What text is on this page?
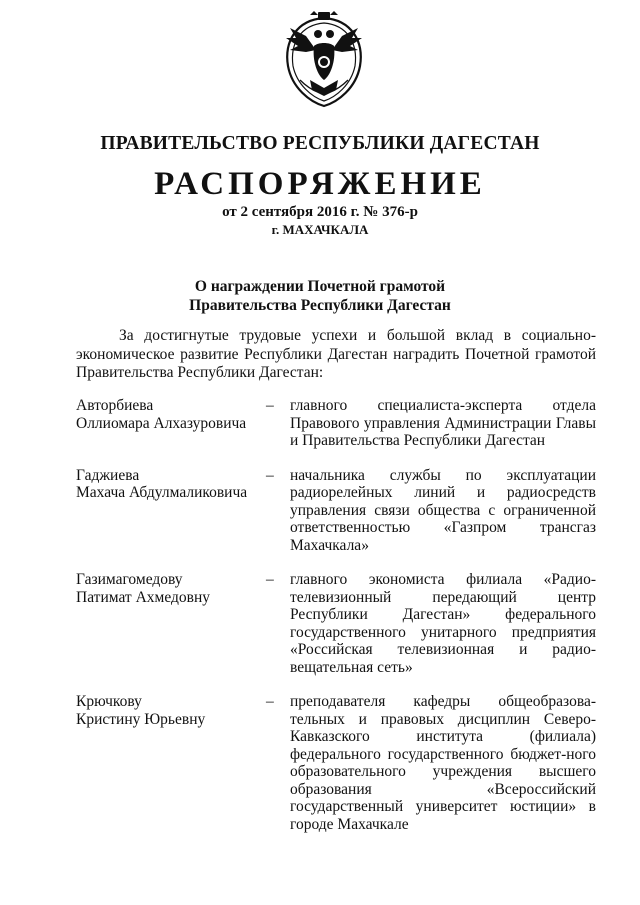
ПРАВИТЕЛЬСТВО РЕСПУБЛИКИ ДАГЕСТАН
РАСПОРЯЖЕНИЕ
от 2 сентября 2016 г. № 376-р
г. МАХАЧКАЛА
О награждении Почетной грамотой
Правительства Республики Дагестан

За достигнутые трудовые успехи и большой вклад в социально-экономическое развитие Республики Дагестан наградить Почетной грамотой Правительства Республики Дагестан:

Авторбиева
Оллиомара Алхазуровича
–	главного специалиста-эксперта отдела Правового управления Администрации Главы и Правительства Республики Дагестан
Гаджиева
Махача Абдулмаликовича
–	начальника службы по эксплуатации радиорелейных линий и радиосредств управления связи общества с ограниченной ответственностью «Газпром трансгаз Махачкала»
Газимагомедову
Патимат Ахмедовну
–	главного экономиста филиала «Радио-телевизионный передающий центр Республики Дагестан» федерального государственного унитарного предприятия «Российская телевизионная и радио-вещательная сеть»
Крючкову
Кристину Юрьевну
–	преподавателя кафедры общеобразова-тельных и правовых дисциплин Северо-Кавказского института (филиала) федерального государственного бюджет-ного образовательного учреждения высшего образования «Всероссийский государственный университет юстиции» в городе Махачкале
